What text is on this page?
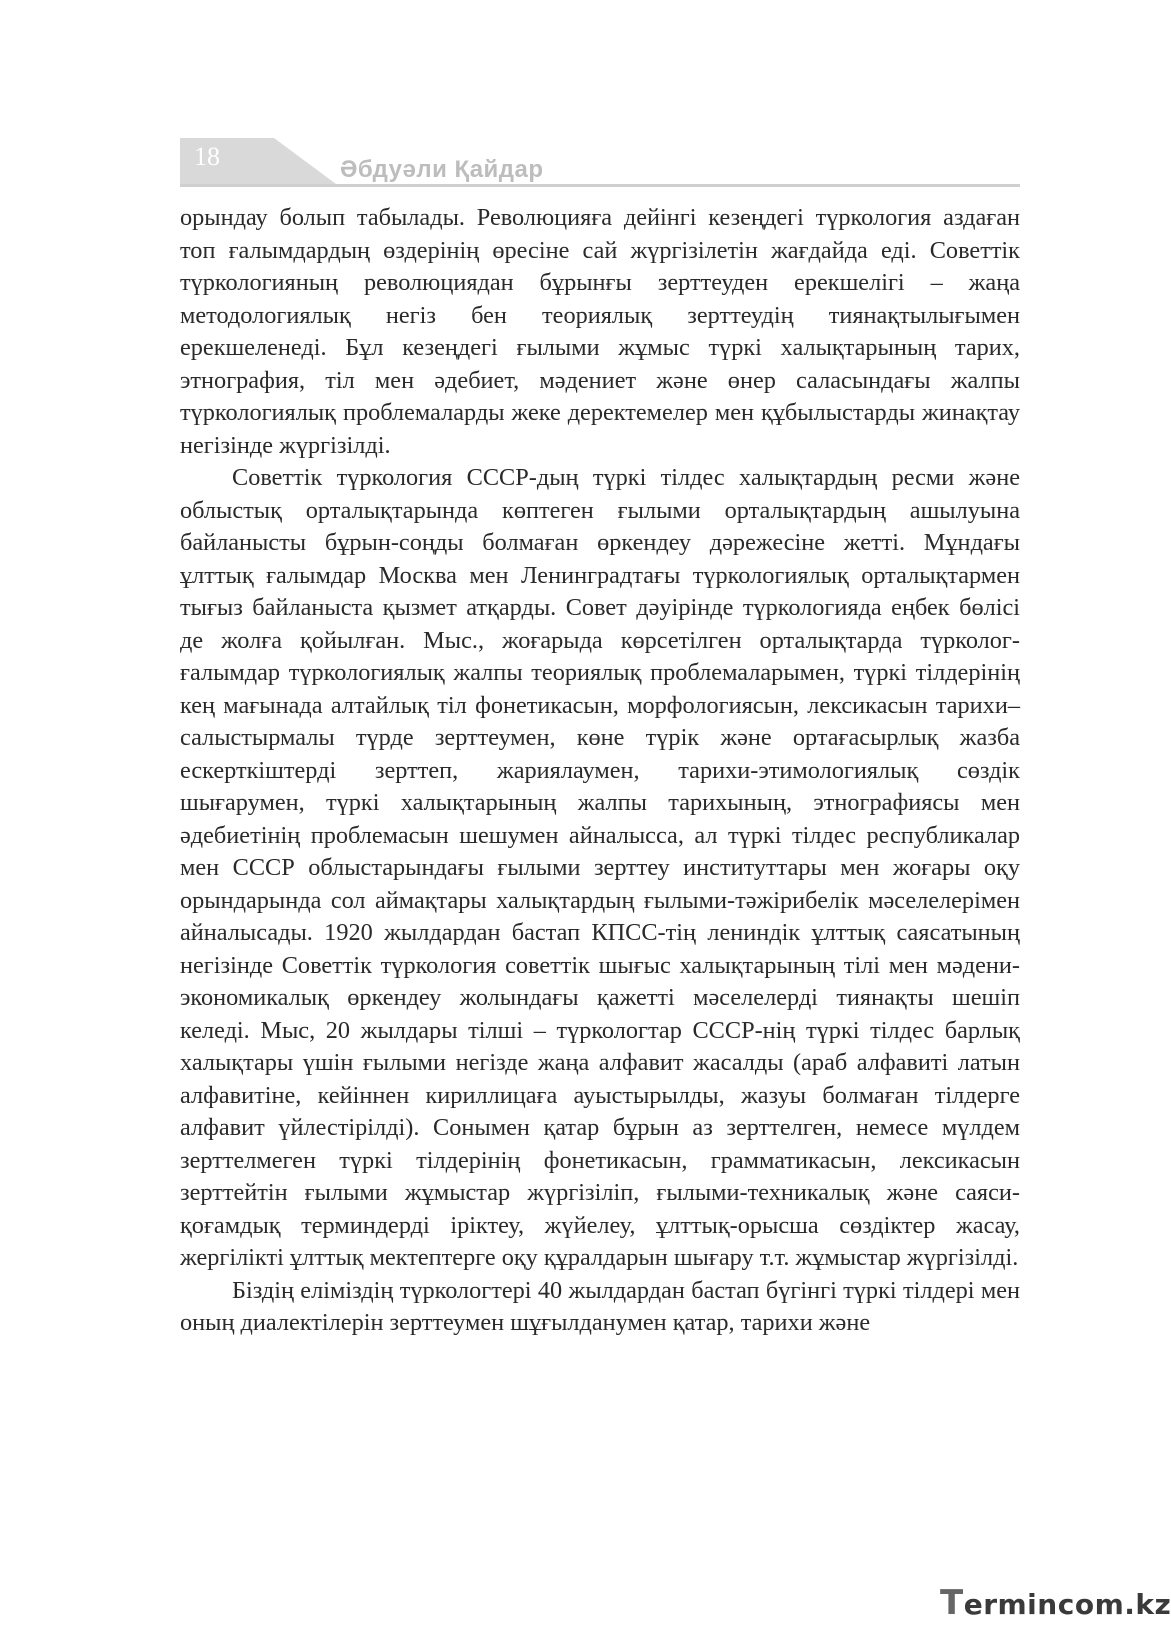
18	Әбдуәли Қайдар

орындау болып табылады. Революцияға дейінгі кезеңдегі түркология аздаған топ ғалымдардың өздерінің өресіне сай жүргізілетін жағдайда еді. Советтік түркологияның революциядан бұрынғы зерттеуден ерекшелігі – жаңа методологиялық негіз бен теориялық зерттеудің тиянақтылығымен ерекшеленеді. Бұл кезеңдегі ғылыми жұмыс түркі халықтарының тарих, этнография, тіл мен әдебиет, мәдениет және өнер саласындағы жалпы түркологиялық проблемаларды жеке деректемелер мен құбылыстарды жинақтау негізінде жүргізілді.

Советтік түркология СССР-дың түркі тілдес халықтардың ресми және облыстық орталықтарында көптеген ғылыми орталықтардың ашылуына байланысты бұрын-соңды болмаған өркендеу дәрежесіне жетті. Мұндағы ұлттық ғалымдар Москва мен Ленинградтағы түркологиялық орталықтармен тығыз байланыста қызмет атқарды. Совет дәуірінде түркологияда еңбек бөлісі де жолға қойылған. Мыс., жоғарыда көрсетілген орталықтарда түрколог-ғалымдар түркологиялық жалпы теориялық проблемаларымен, түркі тілдерінің кең мағынада алтайлық тіл фонетикасын, морфологиясын, лексикасын тарихи–салыстырмалы түрде зерттеумен, көне түрік және ортағасырлық жазба ескерткіштерді зерттеп, жариялаумен, тарихи-этимологиялық сөздік шығарумен, түркі халықтарының жалпы тарихының, этнографиясы мен әдебиетінің проблемасын шешумен айналысса, ал түркі тілдес республикалар мен СССР облыстарындағы ғылыми зерттеу институттары мен жоғары оқу орындарында сол аймақтары халықтардың ғылыми-тәжірибелік мәселелерімен айналысады. 1920 жылдардан бастап КПСС-тің лениндік ұлттық саясатының негізінде Советтік түркология советтік шығыс халықтарының тілі мен мәдени-экономикалық өркендеу жолындағы қажетті мәселелерді тиянақты шешіп келеді. Мыс, 20 жылдары тілші – түркологтар СССР-нің түркі тілдес барлық халықтары үшін ғылыми негізде жаңа алфавит жасалды (араб алфавиті латын алфавитіне, кейіннен кириллицаға ауыстырылды, жазуы болмаған тілдерге алфавит үйлестірілді). Сонымен қатар бұрын аз зерттелген, немесе мүлдем зерттелмеген түркі тілдерінің фонетикасын, грамматикасын, лексикасын зерттейтін ғылыми жұмыстар жүргізіліп, ғылыми-техникалық және саяси-қоғамдық терминдерді іріктеу, жүйелеу, ұлттық-орысша сөздіктер жасау, жергілікті ұлттық мектептерге оқу құралдарын шығару т.т. жұмыстар жүргізілді.

Біздің еліміздің түркологтері 40 жылдардан бастап бүгінгі түркі тілдері мен оның диалектілерін зерттеумен шұғылданумен қатар, тарихи және

Termincom.kz
